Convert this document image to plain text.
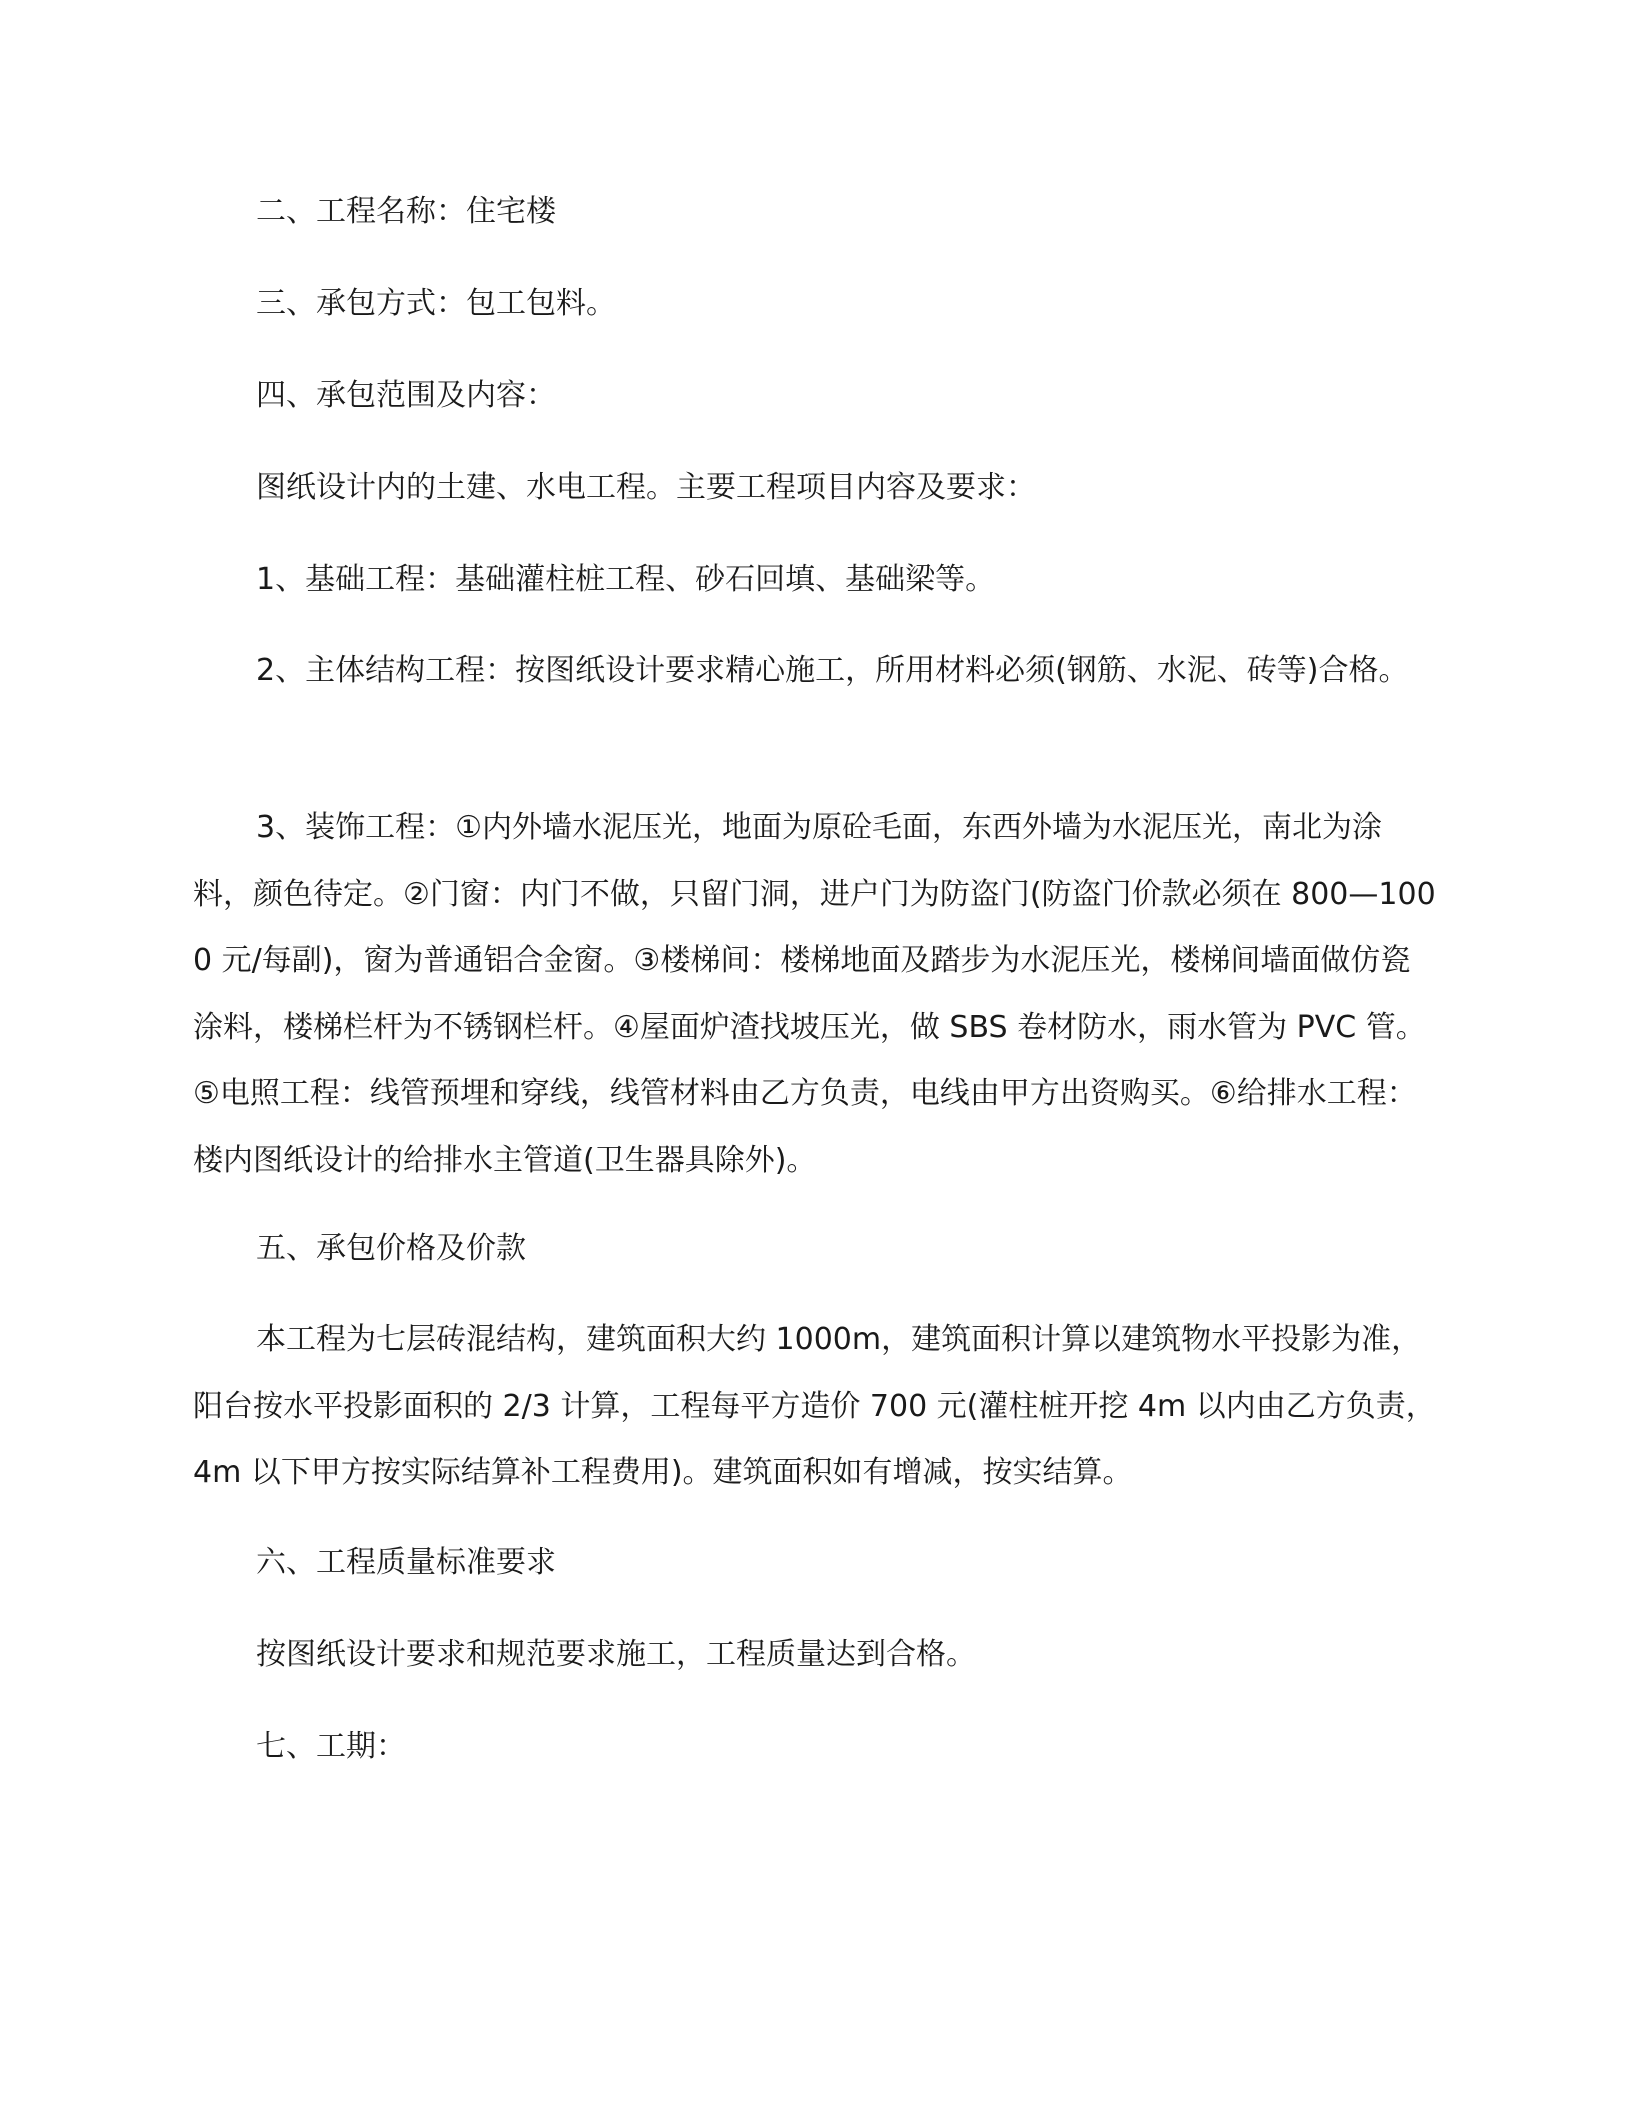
二、工程名称：住宅楼

三、承包方式：包工包料。

四、承包范围及内容：

图纸设计内的土建、水电工程。主要工程项目内容及要求：

1、基础工程：基础灌柱桩工程、砂石回填、基础梁等。

2、主体结构工程：按图纸设计要求精心施工，所用材料必须(钢筋、水泥、砖等)合格。

3、装饰工程：①内外墙水泥压光，地面为原砼毛面，东西外墙为水泥压光，南北为涂料，颜色待定。②门窗：内门不做，只留门洞，进户门为防盗门(防盗门价款必须在 800—1000 元/每副)，窗为普通铝合金窗。③楼梯间：楼梯地面及踏步为水泥压光，楼梯间墙面做仿瓷涂料，楼梯栏杆为不锈钢栏杆。④屋面炉渣找坡压光，做 SBS 卷材防水，雨水管为 PVC 管。⑤电照工程：线管预埋和穿线，线管材料由乙方负责，电线由甲方出资购买。⑥给排水工程：楼内图纸设计的给排水主管道(卫生器具除外)。

五、承包价格及价款

本工程为七层砖混结构，建筑面积大约 1000m，建筑面积计算以建筑物水平投影为准，阳台按水平投影面积的 2/3 计算，工程每平方造价 700 元(灌柱桩开挖 4m 以内由乙方负责，4m 以下甲方按实际结算补工程费用)。建筑面积如有增减，按实结算。

六、工程质量标准要求

按图纸设计要求和规范要求施工，工程质量达到合格。

七、工期：
